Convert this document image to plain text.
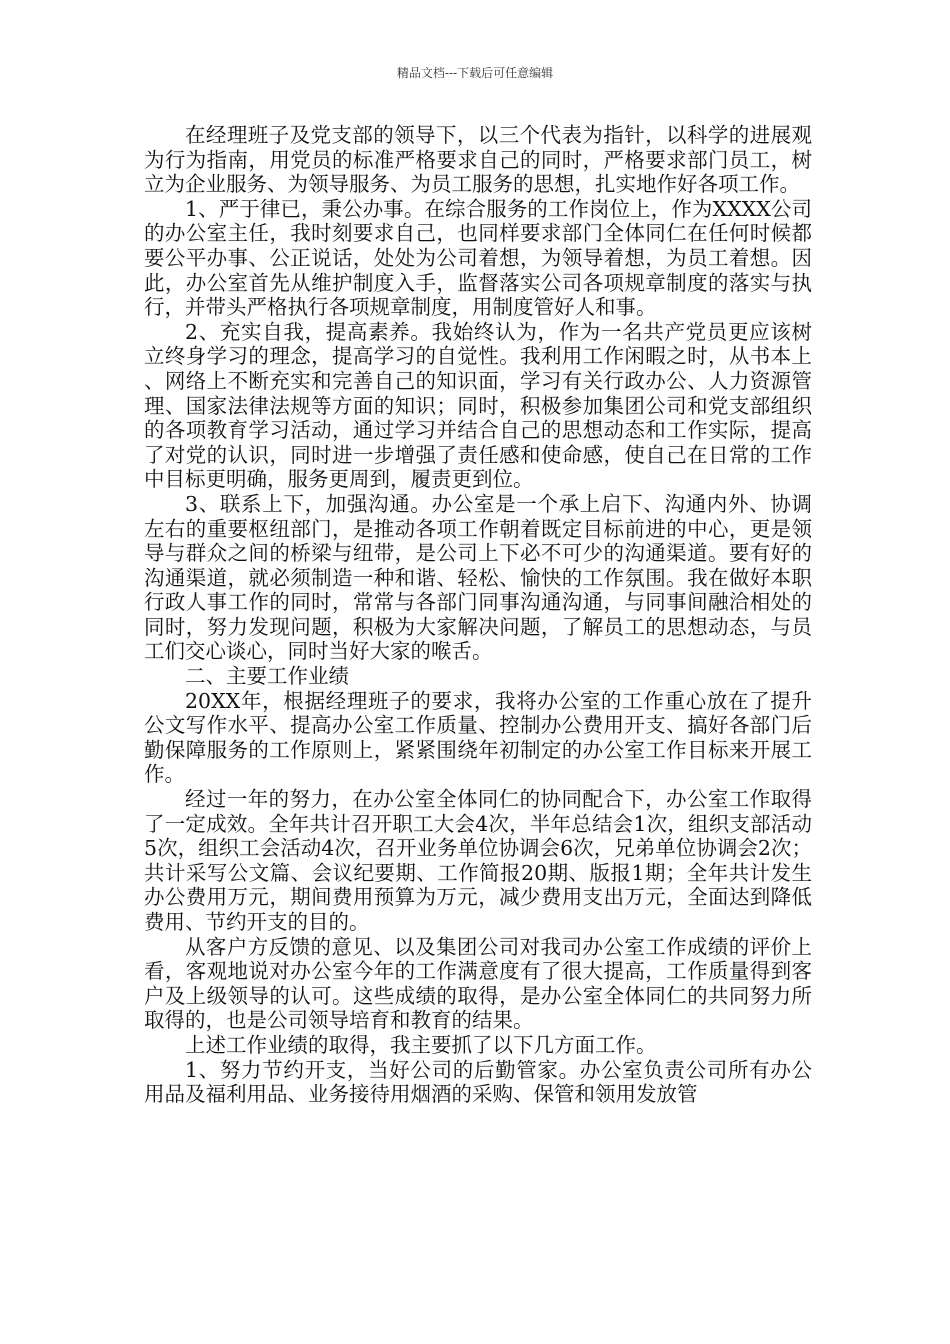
精品文档---下载后可任意编辑

在经理班子及党支部的领导下，以三个代表为指针，以科学的进展观为行为指南，用党员的标准严格要求自己的同时，严格要求部门员工，树立为企业服务、为领导服务、为员工服务的思想，扎实地作好各项工作。

1、严于律已，秉公办事。在综合服务的工作岗位上，作为XXXX公司的办公室主任，我时刻要求自己，也同样要求部门全体同仁在任何时候都要公平办事、公正说话，处处为公司着想，为领导着想，为员工着想。因此，办公室首先从维护制度入手，监督落实公司各项规章制度的落实与执行，并带头严格执行各项规章制度，用制度管好人和事。

2、充实自我，提高素养。我始终认为，作为一名共产党员更应该树立终身学习的理念，提高学习的自觉性。我利用工作闲暇之时，从书本上、网络上不断充实和完善自己的知识面，学习有关行政办公、人力资源管理、国家法律法规等方面的知识；同时，积极参加集团公司和党支部组织的各项教育学习活动，通过学习并结合自己的思想动态和工作实际，提高了对党的认识，同时进一步增强了责任感和使命感，使自己在日常的工作中目标更明确，服务更周到，履责更到位。

3、联系上下，加强沟通。办公室是一个承上启下、沟通内外、协调左右的重要枢纽部门，是推动各项工作朝着既定目标前进的中心，更是领导与群众之间的桥梁与纽带，是公司上下必不可少的沟通渠道。要有好的沟通渠道，就必须制造一种和谐、轻松、愉快的工作氛围。我在做好本职行政人事工作的同时，常常与各部门同事沟通沟通，与同事间融洽相处的同时，努力发现问题，积极为大家解决问题，了解员工的思想动态，与员工们交心谈心，同时当好大家的喉舌。

二、主要工作业绩

20XX年，根据经理班子的要求，我将办公室的工作重心放在了提升公文写作水平、提高办公室工作质量、控制办公费用开支、搞好各部门后勤保障服务的工作原则上，紧紧围绕年初制定的办公室工作目标来开展工作。

经过一年的努力，在办公室全体同仁的协同配合下，办公室工作取得了一定成效。全年共计召开职工大会4次，半年总结会1次，组织支部活动5次，组织工会活动4次，召开业务单位协调会6次，兄弟单位协调会2次；共计采写公文篇、会议纪要期、工作简报20期、版报1期；全年共计发生办公费用万元，期间费用预算为万元，减少费用支出万元，全面达到降低费用、节约开支的目的。

从客户方反馈的意见、以及集团公司对我司办公室工作成绩的评价上看，客观地说对办公室今年的工作满意度有了很大提高，工作质量得到客户及上级领导的认可。这些成绩的取得，是办公室全体同仁的共同努力所取得的，也是公司领导培育和教育的结果。

上述工作业绩的取得，我主要抓了以下几方面工作。

1、努力节约开支，当好公司的后勤管家。办公室负责公司所有办公用品及福利用品、业务接待用烟酒的采购、保管和领用发放管
